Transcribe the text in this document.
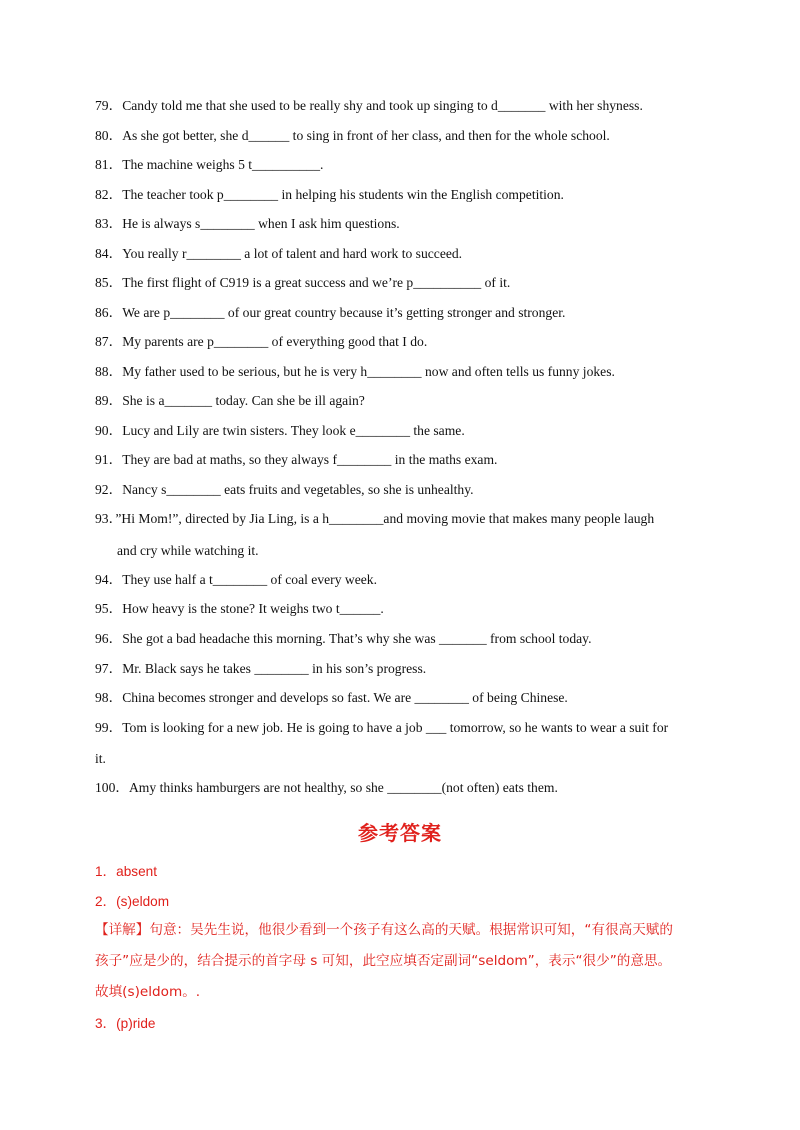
79．Candy told me that she used to be really shy and took up singing to d_______ with her shyness.
80．As she got better, she d______ to sing in front of her class, and then for the whole school.
81．The machine weighs 5 t__________.
82．The teacher took p________ in helping his students win the English competition.
83．He is always s________ when I ask him questions.
84．You really r________ a lot of talent and hard work to succeed.
85．The first flight of C919 is a great success and we’re p__________ of it.
86．We are p________ of our great country because it’s getting stronger and stronger.
87．My parents are p________ of everything good that I do.
88．My father used to be serious, but he is very h________ now and often tells us funny jokes.
89．She is a_______ today. Can she be ill again?
90．Lucy and Lily are twin sisters. They look e________ the same.
91．They are bad at maths, so they always f________ in the maths exam.
92．Nancy s________ eats fruits and vegetables, so she is unhealthy.
93．”Hi Mom!”, directed by Jia Ling, is a h________and moving movie that makes many people laugh
and cry while watching it.
94．They use half a t________ of coal every week.
95．How heavy is the stone? It weighs two t______.
96．She got a bad headache this morning. That’s why she was _______ from school today.
97．Mr. Black says he takes ________ in his son’s progress.
98．China becomes stronger and develops so fast. We are ________ of being Chinese.
99．Tom is looking for a new job. He is going to have a job ___ tomorrow, so he wants to wear a suit for
it.
100．Amy thinks hamburgers are not healthy, so she ________(not often) eats them.
参考答案
1．absent
2．(s)eldom
【详解】句意：吴先生说，他很少看到一个孩子有这么高的天赋。根据常识可知，“有很高天赋的
孩子”应是少的，结合提示的首字母 s 可知，此空应填否定副词“seldom”，表示“很少”的意思。
故填(s)eldom。.
3．(p)ride
